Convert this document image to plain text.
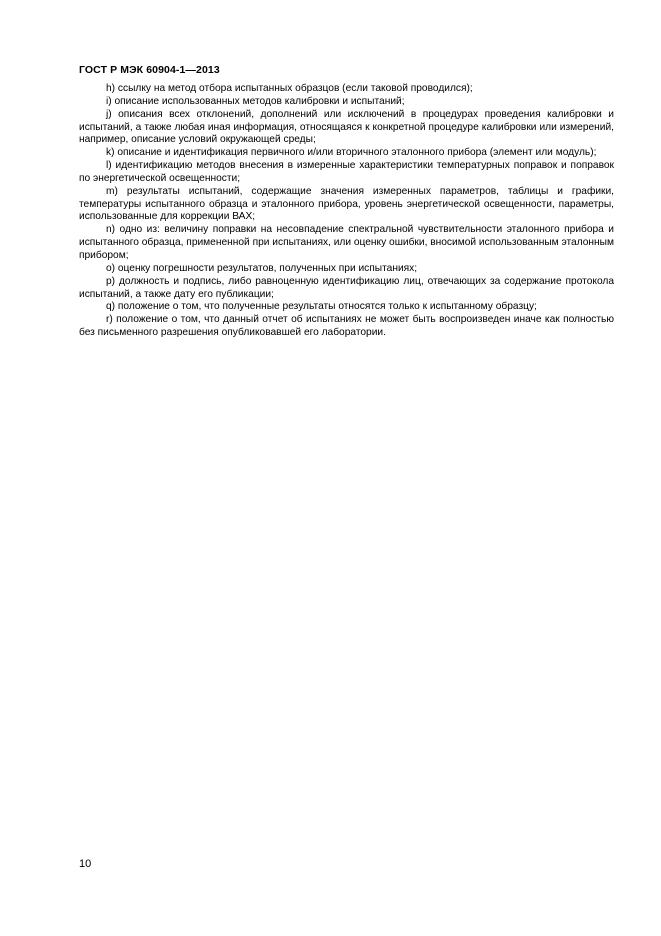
ГОСТ Р МЭК 60904-1—2013

h) ссылку на метод отбора испытанных образцов (если таковой проводился);

i) описание использованных методов калибровки и испытаний;

j) описания всех отклонений, дополнений или исключений в процедурах проведения калибровки и испытаний, а также любая иная информация, относящаяся к конкретной процедуре калибровки или измерений, например, описание условий окружающей среды;

k) описание и идентификация первичного и/или вторичного эталонного прибора (элемент или модуль);

l) идентификацию методов внесения в измеренные характеристики температурных поправок и поправок по энергетической освещенности;

m) результаты испытаний, содержащие значения измеренных параметров, таблицы и графики, температуры испытанного образца и эталонного прибора, уровень энергетической освещенности, параметры, использованные для коррекции ВАХ;

n) одно из: величину поправки на несовпадение спектральной чувствительности эталонного прибора и испытанного образца, примененной при испытаниях, или оценку ошибки, вносимой использованным эталонным прибором;

o) оценку погрешности результатов, полученных при испытаниях;

p) должность и подпись, либо равноценную идентификацию лиц, отвечающих за содержание протокола испытаний, а также дату его публикации;

q) положение о том, что полученные результаты относятся только к испытанному образцу;

r) положение о том, что данный отчет об испытаниях не может быть воспроизведен иначе как полностью без письменного разрешения опубликовавшей его лаборатории.

10
